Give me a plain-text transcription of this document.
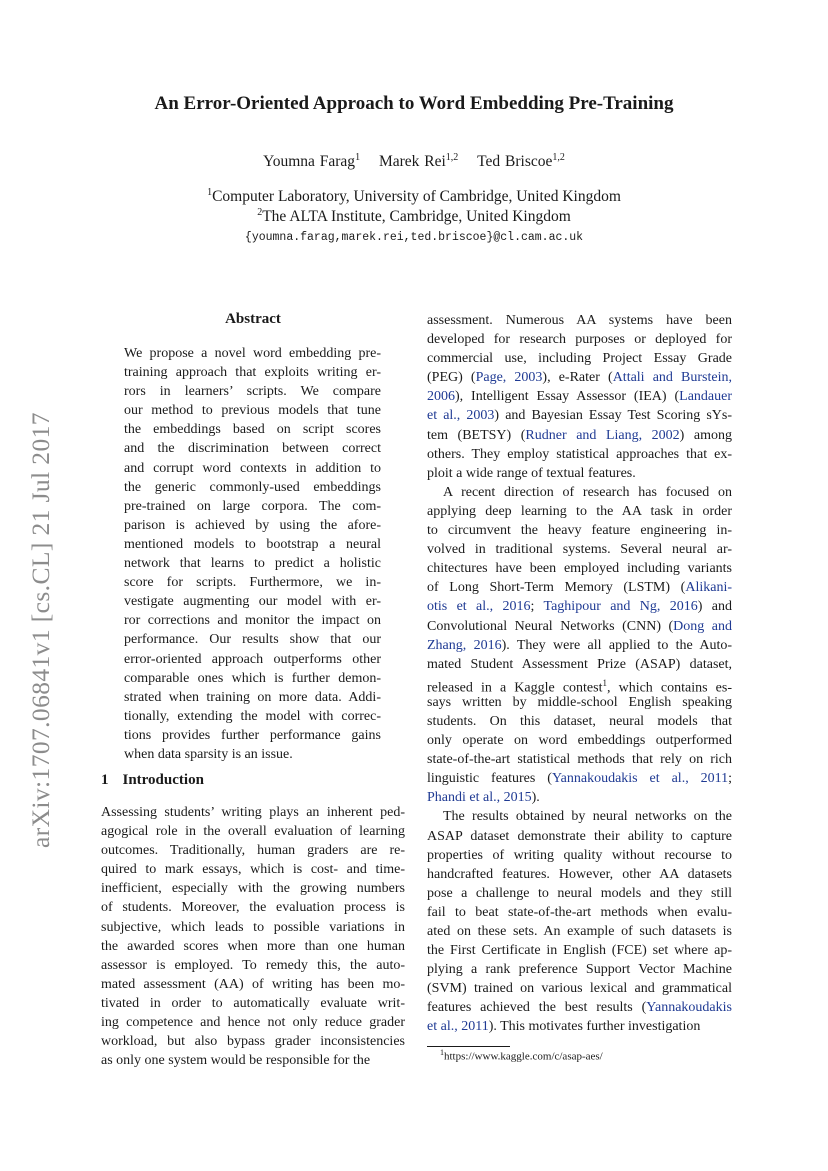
arXiv:1707.06841v1 [cs.CL] 21 Jul 2017
An Error-Oriented Approach to Word Embedding Pre-Training
Youmna Farag$^1$ Marek Rei$^{1,2}$ Ted Briscoe$^{1,2}$
$^1$Computer Laboratory, University of Cambridge, United Kingdom
$^2$The ALTA Institute, Cambridge, United Kingdom
{youmna.farag,marek.rei,ted.briscoe}@cl.cam.ac.uk
Abstract
We propose a novel word embedding pre-
training approach that exploits writing er-
rors in learners’ scripts. We compare
our method to previous models that tune
the embeddings based on script scores
and the discrimination between correct
and corrupt word contexts in addition to
the generic commonly-used embeddings
pre-trained on large corpora. The com-
parison is achieved by using the afore-
mentioned models to bootstrap a neural
network that learns to predict a holistic
score for scripts. Furthermore, we in-
vestigate augmenting our model with er-
ror corrections and monitor the impact on
performance. Our results show that our
error-oriented approach outperforms other
comparable ones which is further demon-
strated when training on more data. Addi-
tionally, extending the model with correc-
tions provides further performance gains
when data sparsity is an issue.
1 Introduction
Assessing students’ writing plays an inherent ped-
agogical role in the overall evaluation of learning
outcomes. Traditionally, human graders are re-
quired to mark essays, which is cost- and time-
inefficient, especially with the growing numbers
of students. Moreover, the evaluation process is
subjective, which leads to possible variations in
the awarded scores when more than one human
assessor is employed. To remedy this, the auto-
mated assessment (AA) of writing has been mo-
tivated in order to automatically evaluate writ-
ing competence and hence not only reduce grader
workload, but also bypass grader inconsistencies
as only one system would be responsible for the
assessment. Numerous AA systems have been
developed for research purposes or deployed for
commercial use, including Project Essay Grade
(PEG) (Page, 2003), e-Rater (Attali and Burstein,
2006), Intelligent Essay Assessor (IEA) (Landauer
et al., 2003) and Bayesian Essay Test Scoring sYs-
tem (BETSY) (Rudner and Liang, 2002) among
others. They employ statistical approaches that ex-
ploit a wide range of textual features.
A recent direction of research has focused on
applying deep learning to the AA task in order
to circumvent the heavy feature engineering in-
volved in traditional systems. Several neural ar-
chitectures have been employed including variants
of Long Short-Term Memory (LSTM) (Alikani-
otis et al., 2016; Taghipour and Ng, 2016) and
Convolutional Neural Networks (CNN) (Dong and
Zhang, 2016). They were all applied to the Auto-
mated Student Assessment Prize (ASAP) dataset,
released in a Kaggle contest$^1$, which contains es-
says written by middle-school English speaking
students. On this dataset, neural models that
only operate on word embeddings outperformed
state-of-the-art statistical methods that rely on rich
linguistic features (Yannakoudakis et al., 2011;
Phandi et al., 2015).
The results obtained by neural networks on the
ASAP dataset demonstrate their ability to capture
properties of writing quality without recourse to
handcrafted features. However, other AA datasets
pose a challenge to neural models and they still
fail to beat state-of-the-art methods when evalu-
ated on these sets. An example of such datasets is
the First Certificate in English (FCE) set where ap-
plying a rank preference Support Vector Machine
(SVM) trained on various lexical and grammatical
features achieved the best results (Yannakoudakis
et al., 2011). This motivates further investigation
$^1$https://www.kaggle.com/c/asap-aes/
